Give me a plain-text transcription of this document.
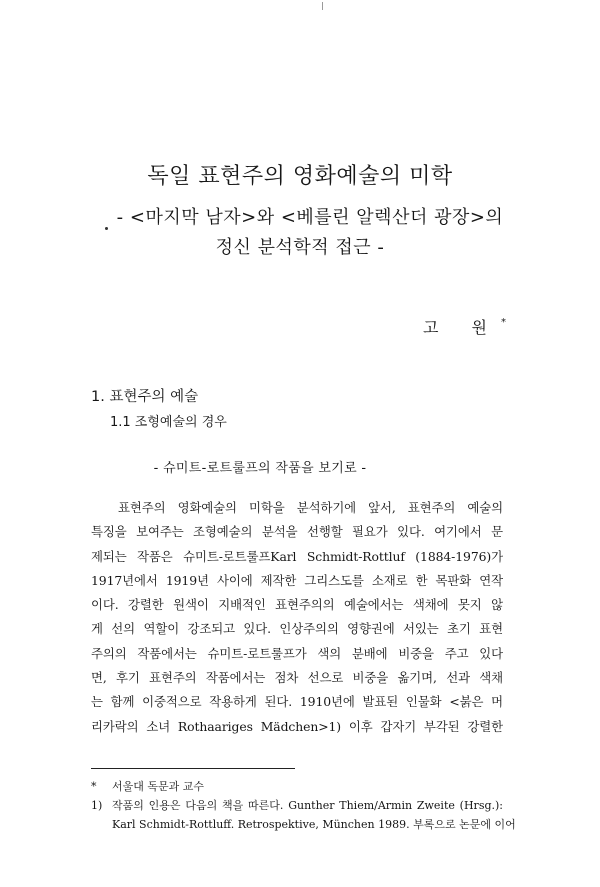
독일 표현주의 영화예술의 미학
- <마지막 남자>와 <베를린 알렉산더 광장>의
정신 분석학적 접근 -
고 원*
1. 표현주의 예술
1.1 조형예술의 경우
- 슈미트-로트룰프의 작품을 보기로 -
표현주의 영화예술의 미학을 분석하기에 앞서, 표현주의 예술의
특징을 보여주는 조형예술의 분석을 선행할 필요가 있다. 여기에서 문
제되는 작품은 슈미트-로트룰프Karl Schmidt-Rottluf (1884-1976)가
1917년에서 1919년 사이에 제작한 그리스도를 소재로 한 목판화 연작
이다. 강렬한 원색이 지배적인 표현주의의 예술에서는 색채에 못지 않
게 선의 역할이 강조되고 있다. 인상주의의 영향권에 서있는 초기 표현
주의의 작품에서는 슈미트-로트룰프가 색의 분배에 비중을 주고 있다
면, 후기 표현주의 작품에서는 점차 선으로 비중을 옮기며, 선과 색채
는 함께 이중적으로 작용하게 된다. 1910년에 발표된 인물화 <붉은 머
리카락의 소녀 Rothaariges Mädchen>1) 이후 갑자기 부각된 강렬한
*	서울대 독문과 교수
1) 작품의 인용은 다음의 책을 따른다. Gunther Thiem/Armin Zweite (Hrsg.):
Karl Schmidt-Rottluff. Retrospektive, München 1989. 부록으로 논문에 이어
